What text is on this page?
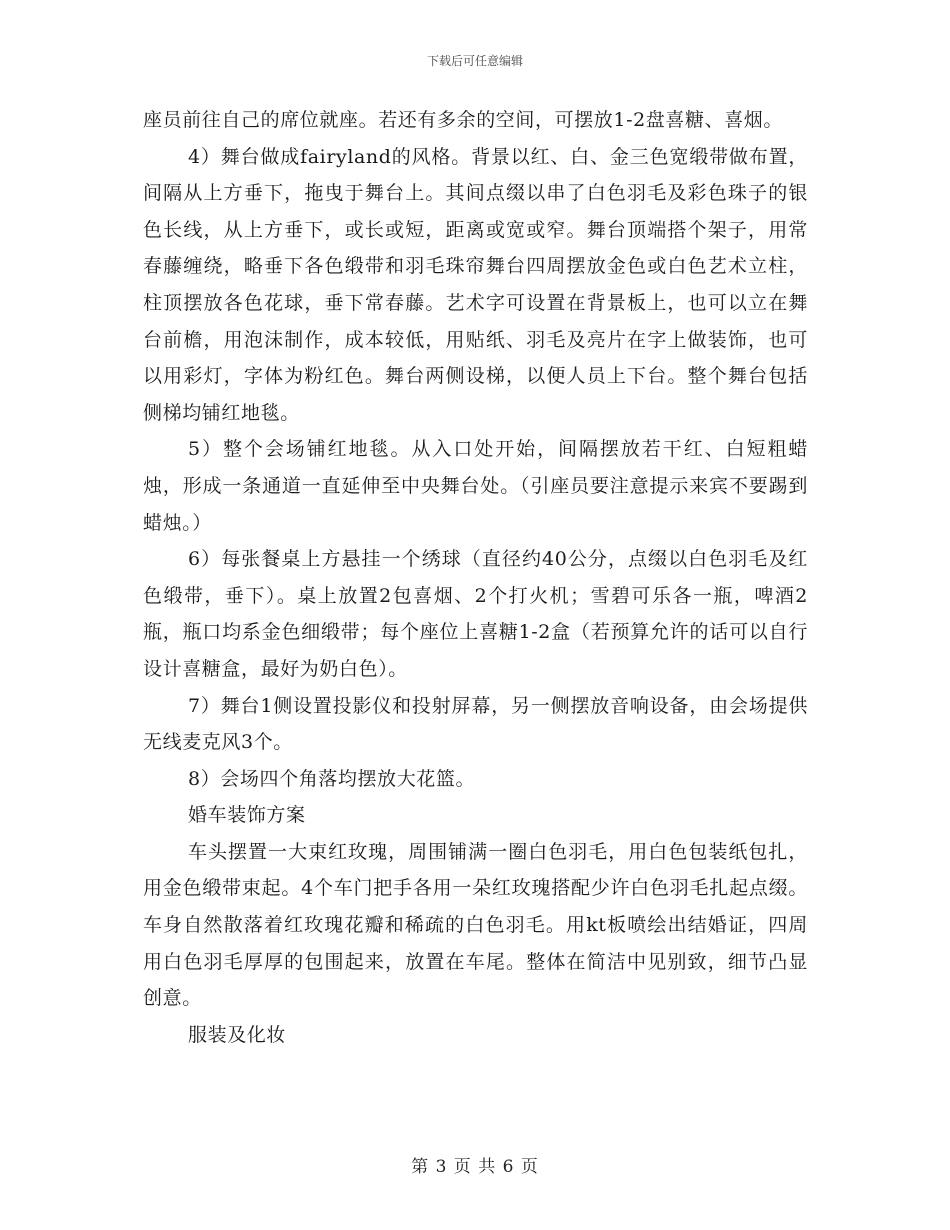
下载后可任意编辑

座员前往自己的席位就座。若还有多余的空间，可摆放1-2盘喜糖、喜烟。

4）舞台做成fairyland的风格。背景以红、白、金三色宽缎带做布置，间隔从上方垂下，拖曳于舞台上。其间点缀以串了白色羽毛及彩色珠子的银色长线，从上方垂下，或长或短，距离或宽或窄。舞台顶端搭个架子，用常春藤缠绕，略垂下各色缎带和羽毛珠帘舞台四周摆放金色或白色艺术立柱，柱顶摆放各色花球，垂下常春藤。艺术字可设置在背景板上，也可以立在舞台前檐，用泡沫制作，成本较低，用贴纸、羽毛及亮片在字上做装饰，也可以用彩灯，字体为粉红色。舞台两侧设梯，以便人员上下台。整个舞台包括侧梯均铺红地毯。

5）整个会场铺红地毯。从入口处开始，间隔摆放若干红、白短粗蜡烛，形成一条通道一直延伸至中央舞台处。（引座员要注意提示来宾不要踢到蜡烛。）

6）每张餐桌上方悬挂一个绣球（直径约40公分，点缀以白色羽毛及红色缎带，垂下）。桌上放置2包喜烟、2个打火机；雪碧可乐各一瓶，啤酒2瓶，瓶口均系金色细缎带；每个座位上喜糖1-2盒（若预算允许的话可以自行设计喜糖盒，最好为奶白色）。

7）舞台1侧设置投影仪和投射屏幕，另一侧摆放音响设备，由会场提供无线麦克风3个。

8）会场四个角落均摆放大花篮。

婚车装饰方案

车头摆置一大束红玫瑰，周围铺满一圈白色羽毛，用白色包装纸包扎，用金色缎带束起。4个车门把手各用一朵红玫瑰搭配少许白色羽毛扎起点缀。车身自然散落着红玫瑰花瓣和稀疏的白色羽毛。用kt板喷绘出结婚证，四周用白色羽毛厚厚的包围起来，放置在车尾。整体在简洁中见别致，细节凸显创意。

服装及化妆

第 3 页 共 6 页
